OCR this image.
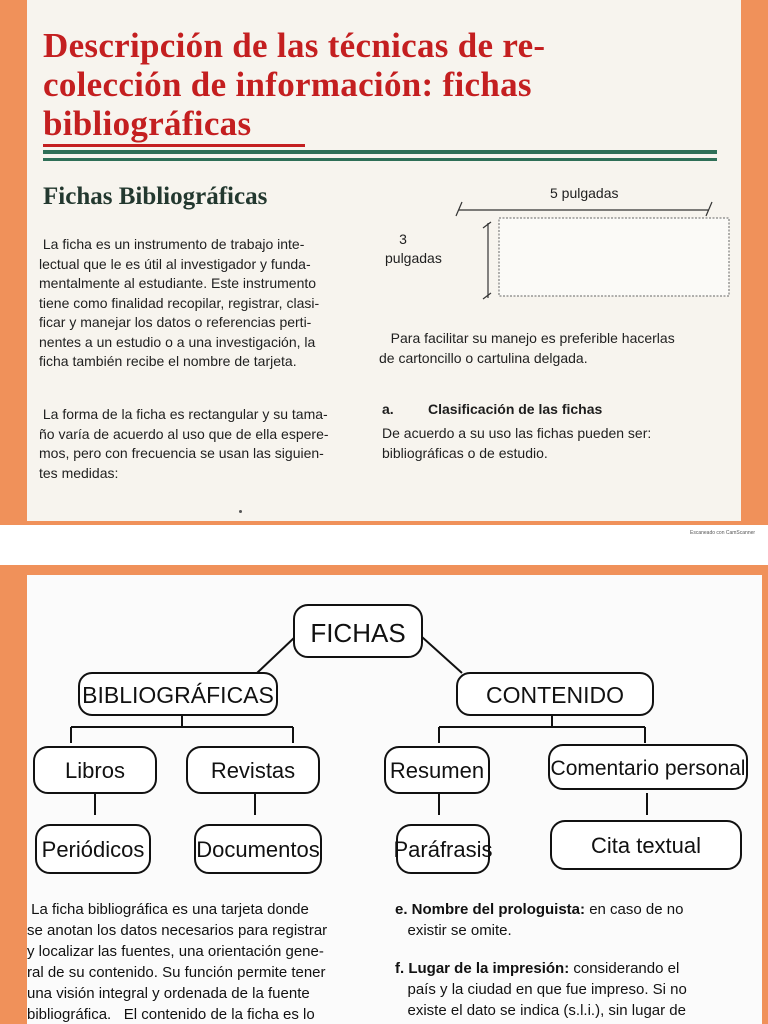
Descripción de las técnicas de re-
colección de información: fichas
bibliográficas
Fichas Bibliográficas
La ficha es un instrumento de trabajo inte-
lectual que le es útil al investigador y funda-
mentalmente al estudiante. Este instrumento
tiene como finalidad recopilar, registrar, clasi-
ficar y manejar los datos o referencias perti-
nentes a un estudio o a una investigación, la
ficha también recibe el nombre de tarjeta.
La forma de la ficha es rectangular y su tama-
ño varía de acuerdo al uso que de ella espere-
mos, pero con frecuencia se usan las siguien-
tes medidas:
5 pulgadas
3
pulgadas
Para facilitar su manejo es preferible hacerlas
de cartoncillo o cartulina delgada.
a. Clasificación de las fichas
De acuerdo a su uso las fichas pueden ser:
bibliográficas o de estudio.
Escaneado con CamScanner
FICHAS
BIBLIOGRÁFICAS	CONTENIDO
Libros	Revistas	Resumen	Comentario personal
Periódicos Documentos	Paráfrasis	Cita textual
La ficha bibliográfica es una tarjeta donde
se anotan los datos necesarios para registrar
y localizar las fuentes, una orientación gene-
ral de su contenido. Su función permite tener
una visión integral y ordenada de la fuente
bibliográfica.   El contenido de la ficha es lo
e. Nombre del prologuista: en caso de no
existir se omite.
f. Lugar de la impresión: considerando el
país y la ciudad en que fue impreso. Si no
existe el dato se indica (s.l.i.), sin lugar de
